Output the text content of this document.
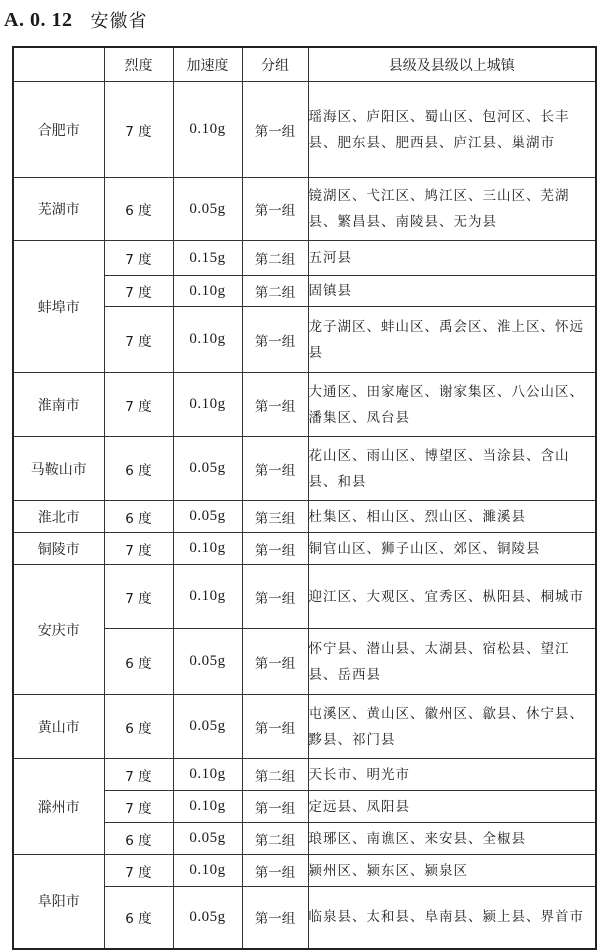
A. 0. 12 安徽省
	烈度	加速度	分组	县级及县级以上城镇
合肥市	7 度	0.10g	第一组	瑶海区、庐阳区、蜀山区、包河区、长丰县、肥东县、肥西县、庐江县、巢湖市
芜湖市	6 度	0.05g	第一组	镜湖区、弋江区、鸠江区、三山区、芜湖县、繁昌县、南陵县、无为县
蚌埠市	7 度	0.15g	第二组	五河县
	7 度	0.10g	第二组	固镇县
	7 度	0.10g	第一组	龙子湖区、蚌山区、禹会区、淮上区、怀远县
淮南市	7 度	0.10g	第一组	大通区、田家庵区、谢家集区、八公山区、潘集区、凤台县
马鞍山市	6 度	0.05g	第一组	花山区、雨山区、博望区、当涂县、含山县、和县
淮北市	6 度	0.05g	第三组	杜集区、相山区、烈山区、濉溪县
铜陵市	7 度	0.10g	第一组	铜官山区、狮子山区、郊区、铜陵县
安庆市	7 度	0.10g	第一组	迎江区、大观区、宜秀区、枞阳县、桐城市
	6 度	0.05g	第一组	怀宁县、潜山县、太湖县、宿松县、望江县、岳西县
黄山市	6 度	0.05g	第一组	屯溪区、黄山区、徽州区、歙县、休宁县、黟县、祁门县
滁州市	7 度	0.10g	第二组	天长市、明光市
	7 度	0.10g	第一组	定远县、凤阳县
	6 度	0.05g	第二组	琅琊区、南谯区、来安县、全椒县
阜阳市	7 度	0.10g	第一组	颍州区、颍东区、颍泉区
	6 度	0.05g	第一组	临泉县、太和县、阜南县、颍上县、界首市
